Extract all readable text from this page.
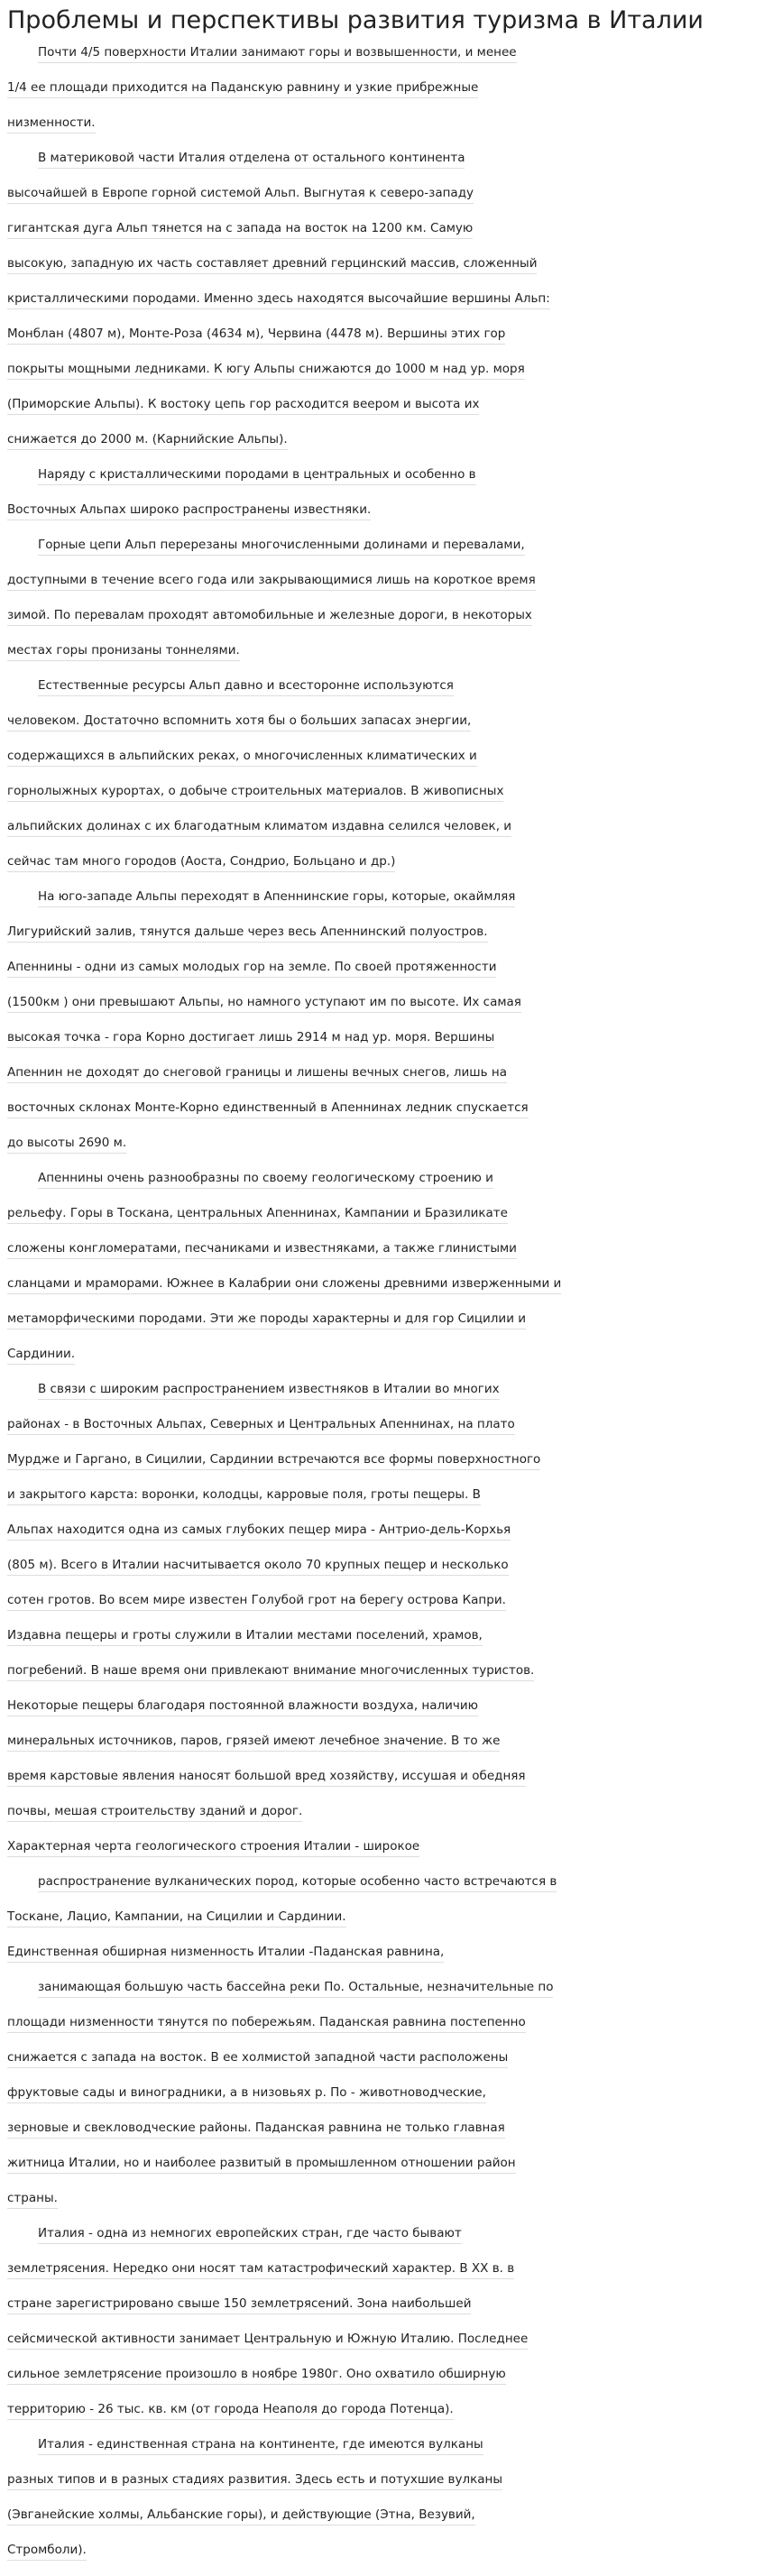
Проблемы и перспективы развития туризма в Италии
Почти 4/5 поверхности Италии занимают горы и возвышенности, и менее
1/4 ее площади приходится на Паданскую равнину и узкие прибрежные
низменности.
В материковой части Италия отделена от остального континента
высочайшей в Европе горной системой Альп. Выгнутая к северо-западу
гигантская дуга Альп тянется на с запада на восток на 1200 км. Самую
высокую, западную их часть составляет древний герцинский массив, сложенный
кристаллическими породами. Именно здесь находятся высочайшие вершины Альп:
Монблан (4807 м), Монте-Роза (4634 м), Червина (4478 м). Вершины этих гор
покрыты мощными ледниками. К югу Альпы снижаются до 1000 м над ур. моря
(Приморские Альпы). К востоку цепь гор расходится веером и высота их
снижается до 2000 м. (Карнийские Альпы).
Наряду с кристаллическими породами в центральных и особенно в
Восточных Альпах широко распространены известняки.
Горные цепи Альп перерезаны многочисленными долинами и перевалами,
доступными в течение всего года или закрывающимися лишь на короткое время
зимой. По перевалам проходят автомобильные и железные дороги, в некоторых
местах горы пронизаны тоннелями.
Естественные ресурсы Альп давно и всесторонне используются
человеком. Достаточно вспомнить хотя бы о больших запасах энергии,
содержащихся в альпийских реках, о многочисленных климатических и
горнолыжных курортах, о добыче строительных материалов. В живописных
альпийских долинах с их благодатным климатом издавна селился человек, и
сейчас там много городов (Аоста, Сондрио, Больцано и др.)
На юго-западе Альпы переходят в Апеннинские горы, которые, окаймляя
Лигурийский залив, тянутся дальше через весь Апеннинский полуостров.
Апеннины - одни из самых молодых гор на земле. По своей протяженности
(1500км ) они превышают Альпы, но намного уступают им по высоте. Их самая
высокая точка - гора Корно достигает лишь 2914 м над ур. моря. Вершины
Апеннин не доходят до снеговой границы и лишены вечных снегов, лишь на
восточных склонах Монте-Корно единственный в Апеннинах ледник спускается
до высоты 2690 м.
Апеннины очень разнообразны по своему геологическому строению и
рельефу. Горы в Тоскана, центральных Апеннинах, Кампании и Бразиликате
сложены конгломератами, песчаниками и известняками, а также глинистыми
сланцами и мраморами. Южнее в Калабрии они сложены древними изверженными и
метаморфическими породами. Эти же породы характерны и для гор Сицилии и
Сардинии.
В связи с широким распространением известняков в Италии во многих
районах - в Восточных Альпах, Северных и Центральных Апеннинах, на плато
Мурдже и Гаргано, в Сицилии, Сардинии встречаются все формы поверхностного
и закрытого карста: воронки, колодцы, карровые поля, гроты пещеры. В
Альпах находится одна из самых глубоких пещер мира - Антрио-дель-Корхья
(805 м). Всего в Италии насчитывается около 70 крупных пещер и несколько
сотен гротов. Во всем мире известен Голубой грот на берегу острова Капри.
Издавна пещеры и гроты служили в Италии местами поселений, храмов,
погребений. В наше время они привлекают внимание многочисленных туристов.
Некоторые пещеры благодаря постоянной влажности воздуха, наличию
минеральных источников, паров, грязей имеют лечебное значение. В то же
время карстовые явления наносят большой вред хозяйству, иссушая и обедняя
почвы, мешая строительству зданий и дорог.
Характерная черта геологического строения Италии - широкое
распространение вулканических пород, которые особенно часто встречаются в
Тоскане, Лацио, Кампании, на Сицилии и Сардинии.
Единственная обширная низменность Италии -Паданская равнина,
занимающая большую часть бассейна реки По. Остальные, незначительные по
площади низменности тянутся по побережьям. Паданская равнина постепенно
снижается с запада на восток. В ее холмистой западной части расположены
фруктовые сады и виноградники, а в низовьях р. По - животноводческие,
зерновые и свекловодческие районы. Паданская равнина не только главная
житница Италии, но и наиболее развитый в промышленном отношении район
страны.
Италия - одна из немногих европейских стран, где часто бывают
землетрясения. Нередко они носят там катастрофический характер. В XX в. в
стране зарегистрировано свыше 150 землетрясений. Зона наибольшей
сейсмической активности занимает Центральную и Южную Италию. Последнее
сильное землетрясение произошло в ноябре 1980г. Оно охватило обширную
территорию - 26 тыс. кв. км (от города Неаполя до города Потенца).
Италия - единственная страна на континенте, где имеются вулканы
разных типов и в разных стадиях развития. Здесь есть и потухшие вулканы
(Эвганейские холмы, Альбанские горы), и действующие (Этна, Везувий,
Стромболи).
